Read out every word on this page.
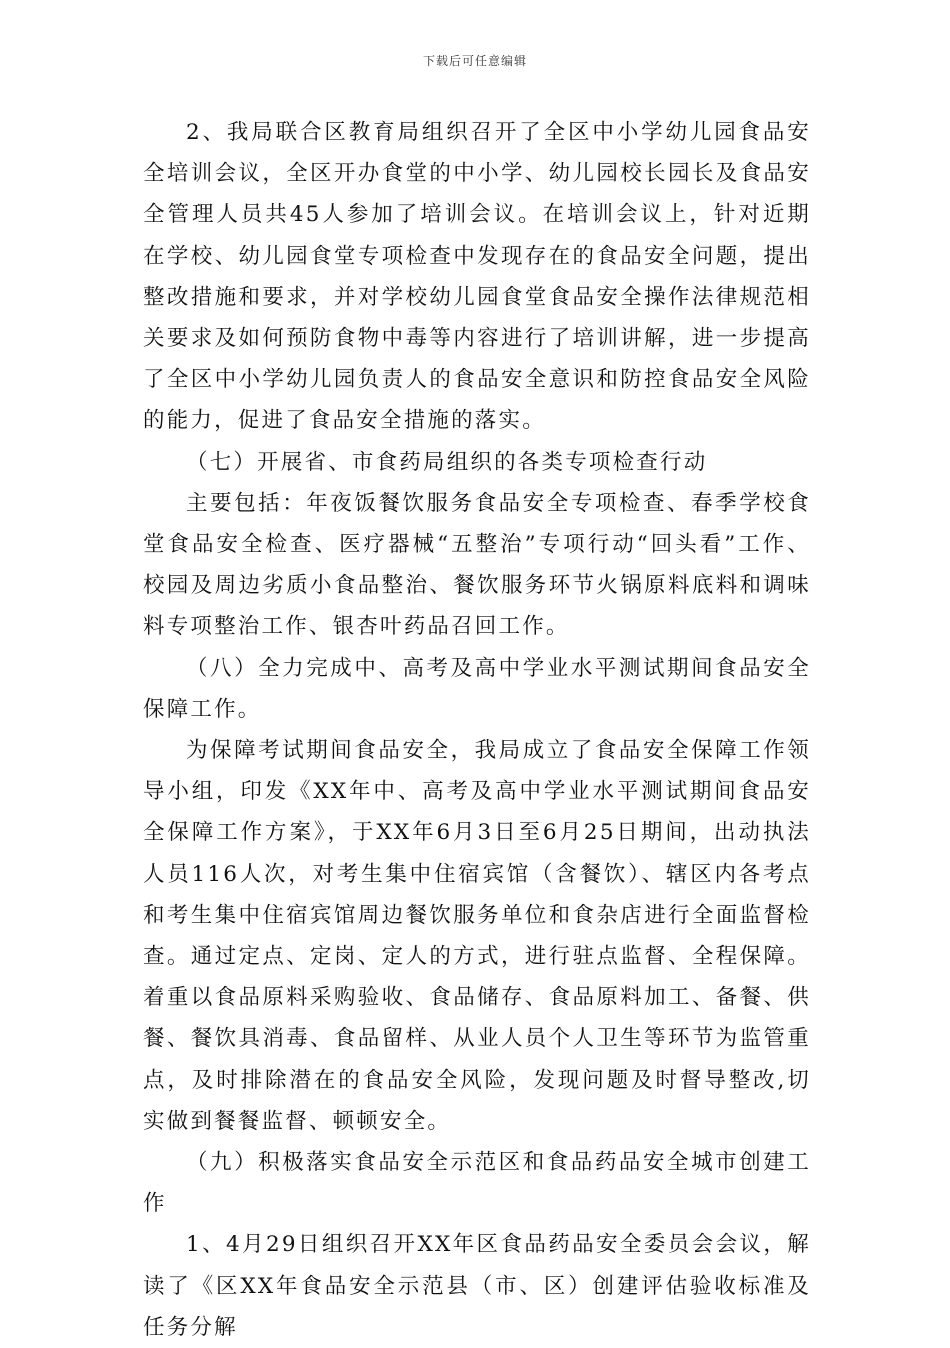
下载后可任意编辑

2、我局联合区教育局组织召开了全区中小学幼儿园食品安全培训会议，全区开办食堂的中小学、幼儿园校长园长及食品安全管理人员共45人参加了培训会议。在培训会议上，针对近期在学校、幼儿园食堂专项检查中发现存在的食品安全问题，提出整改措施和要求，并对学校幼儿园食堂食品安全操作法律规范相关要求及如何预防食物中毒等内容进行了培训讲解，进一步提高了全区中小学幼儿园负责人的食品安全意识和防控食品安全风险的能力，促进了食品安全措施的落实。

（七）开展省、市食药局组织的各类专项检查行动

主要包括：年夜饭餐饮服务食品安全专项检查、春季学校食堂食品安全检查、医疗器械“五整治”专项行动“回头看”工作、校园及周边劣质小食品整治、餐饮服务环节火锅原料底料和调味料专项整治工作、银杏叶药品召回工作。

（八）全力完成中、高考及高中学业水平测试期间食品安全保障工作。

为保障考试期间食品安全，我局成立了食品安全保障工作领导小组，印发《XX年中、高考及高中学业水平测试期间食品安全保障工作方案》，于XX年6月3日至6月25日期间，出动执法人员116人次，对考生集中住宿宾馆（含餐饮）、辖区内各考点和考生集中住宿宾馆周边餐饮服务单位和食杂店进行全面监督检查。通过定点、定岗、定人的方式，进行驻点监督、全程保障。着重以食品原料采购验收、食品储存、食品原料加工、备餐、供餐、餐饮具消毒、食品留样、从业人员个人卫生等环节为监管重点，及时排除潜在的食品安全风险，发现问题及时督导整改,切实做到餐餐监督、顿顿安全。

（九）积极落实食品安全示范区和食品药品安全城市创建工作

1、4月29日组织召开XX年区食品药品安全委员会会议，解读了《区XX年食品安全示范县（市、区）创建评估验收标准及任务分解
